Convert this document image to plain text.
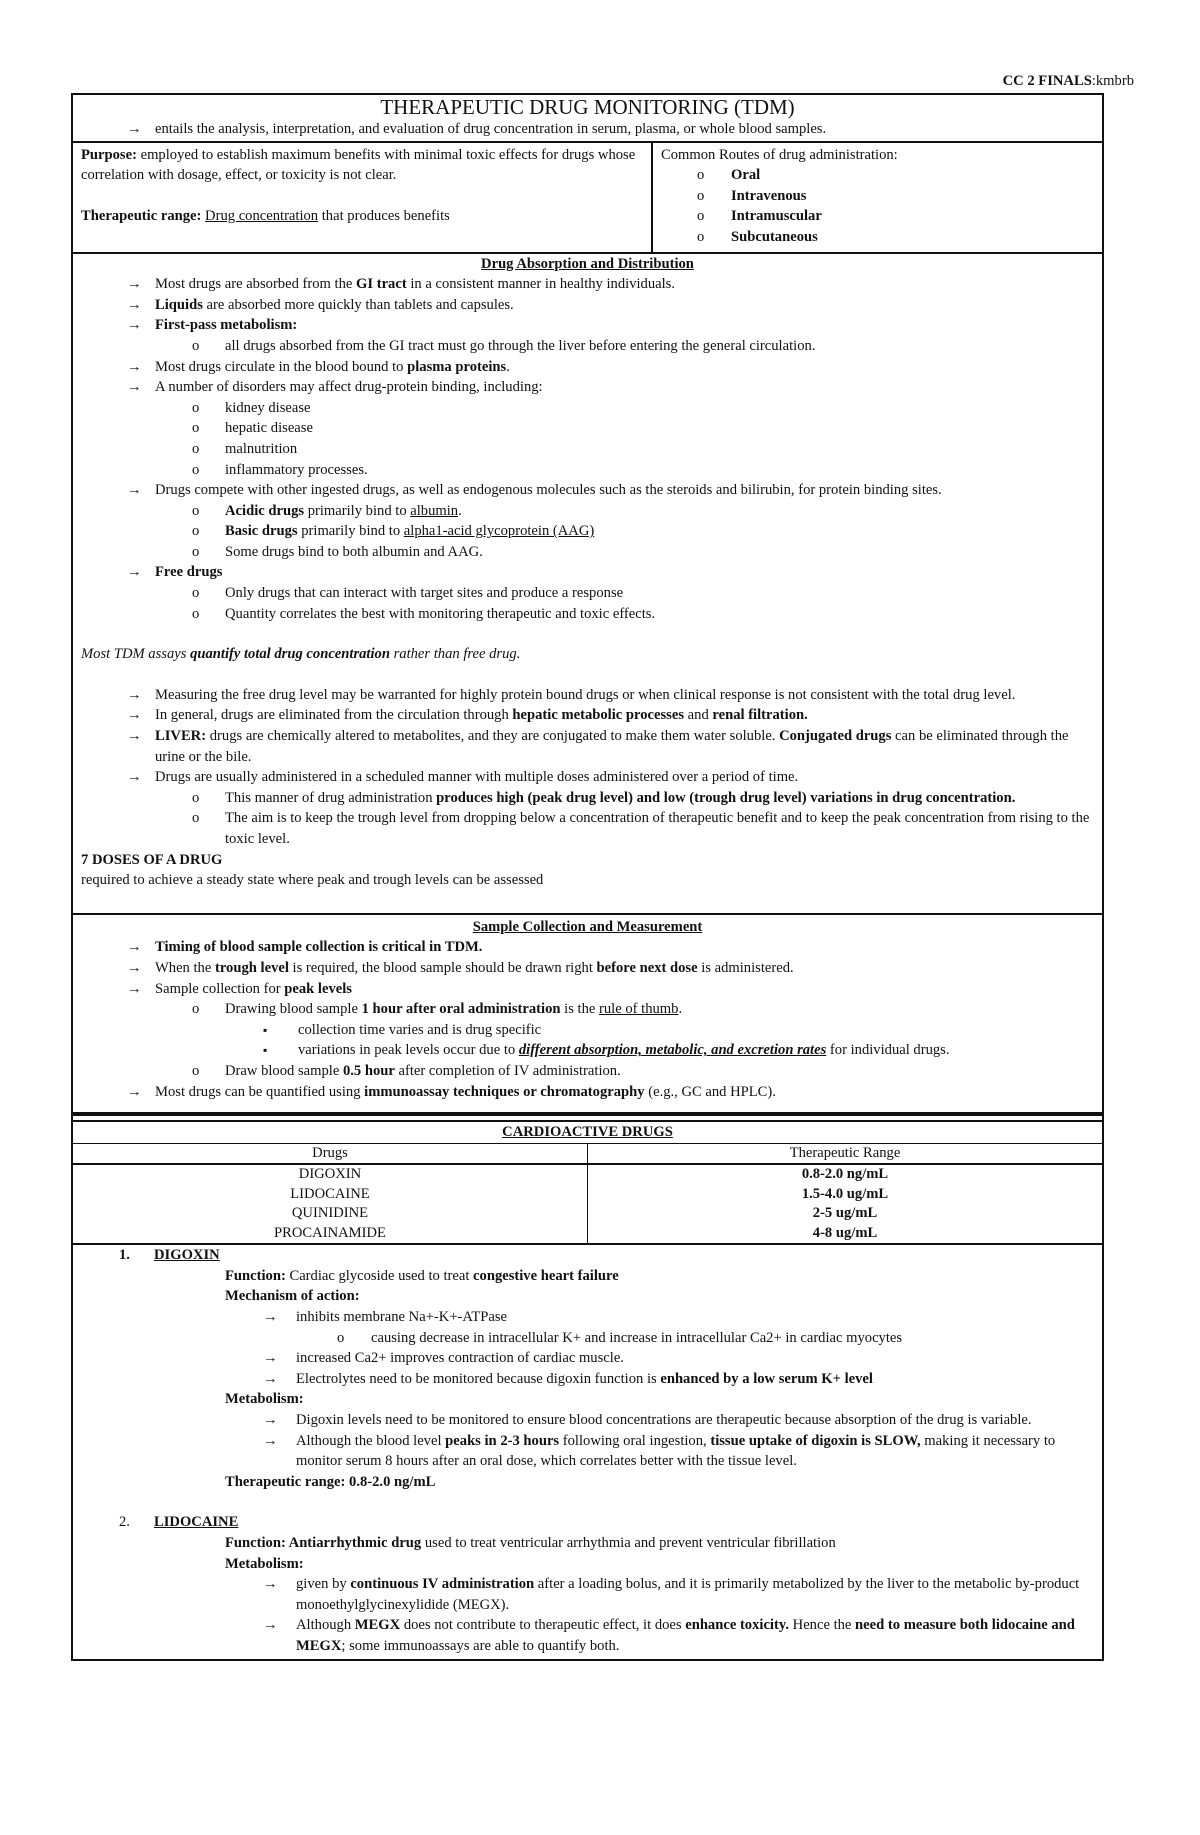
CC 2 FINALS:kmbrb
THERAPEUTIC DRUG MONITORING (TDM)
→ entails the analysis, interpretation, and evaluation of drug concentration in serum, plasma, or whole blood samples.
Purpose: employed to establish maximum benefits with minimal toxic effects for drugs whose correlation with dosage, effect, or toxicity is not clear.
Therapeutic range: Drug concentration that produces benefits
Common Routes of drug administration:
o Oral
o Intravenous
o Intramuscular
o Subcutaneous
Drug Absorption and Distribution
→ Most drugs are absorbed from the GI tract in a consistent manner in healthy individuals.
→ Liquids are absorbed more quickly than tablets and capsules.
→ First-pass metabolism:
o all drugs absorbed from the GI tract must go through the liver before entering the general circulation.
→ Most drugs circulate in the blood bound to plasma proteins.
→ A number of disorders may affect drug-protein binding, including:
o kidney disease
o hepatic disease
o malnutrition
o inflammatory processes.
→ Drugs compete with other ingested drugs, as well as endogenous molecules such as the steroids and bilirubin, for protein binding sites.
o Acidic drugs primarily bind to albumin.
o Basic drugs primarily bind to alpha1-acid glycoprotein (AAG)
o Some drugs bind to both albumin and AAG.
→ Free drugs
o Only drugs that can interact with target sites and produce a response
o Quantity correlates the best with monitoring therapeutic and toxic effects.
Most TDM assays quantify total drug concentration rather than free drug.
→ Measuring the free drug level may be warranted for highly protein bound drugs or when clinical response is not consistent with the total drug level.
→ In general, drugs are eliminated from the circulation through hepatic metabolic processes and renal filtration.
→ LIVER: drugs are chemically altered to metabolites, and they are conjugated to make them water soluble. Conjugated drugs can be eliminated through the urine or the bile.
→ Drugs are usually administered in a scheduled manner with multiple doses administered over a period of time.
o This manner of drug administration produces high (peak drug level) and low (trough drug level) variations in drug concentration.
o The aim is to keep the trough level from dropping below a concentration of therapeutic benefit and to keep the peak concentration from rising to the toxic level.
7 DOSES OF A DRUG
required to achieve a steady state where peak and trough levels can be assessed
Sample Collection and Measurement
→ Timing of blood sample collection is critical in TDM.
→ When the trough level is required, the blood sample should be drawn right before next dose is administered.
→ Sample collection for peak levels
o Drawing blood sample 1 hour after oral administration is the rule of thumb.
▪ collection time varies and is drug specific
▪ variations in peak levels occur due to different absorption, metabolic, and excretion rates for individual drugs.
o Draw blood sample 0.5 hour after completion of IV administration.
→ Most drugs can be quantified using immunoassay techniques or chromatography (e.g., GC and HPLC).
CARDIOACTIVE DRUGS
Drugs	Therapeutic Range
DIGOXIN	0.8-2.0 ng/mL
LIDOCAINE	1.5-4.0 ug/mL
QUINIDINE	2-5 ug/mL
PROCAINAMIDE	4-8 ug/mL
1. DIGOXIN
Function: Cardiac glycoside used to treat congestive heart failure
Mechanism of action:
→ inhibits membrane Na+-K+-ATPase
o causing decrease in intracellular K+ and increase in intracellular Ca2+ in cardiac myocytes
→ increased Ca2+ improves contraction of cardiac muscle.
→ Electrolytes need to be monitored because digoxin function is enhanced by a low serum K+ level
Metabolism:
→ Digoxin levels need to be monitored to ensure blood concentrations are therapeutic because absorption of the drug is variable.
→ Although the blood level peaks in 2-3 hours following oral ingestion, tissue uptake of digoxin is SLOW, making it necessary to monitor serum 8 hours after an oral dose, which correlates better with the tissue level.
Therapeutic range: 0.8-2.0 ng/mL
2. LIDOCAINE
Function: Antiarrhythmic drug used to treat ventricular arrhythmia and prevent ventricular fibrillation
Metabolism:
→ given by continuous IV administration after a loading bolus, and it is primarily metabolized by the liver to the metabolic by-product monoethylglycinexylidide (MEGX).
→ Although MEGX does not contribute to therapeutic effect, it does enhance toxicity. Hence the need to measure both lidocaine and MEGX; some immunoassays are able to quantify both.
